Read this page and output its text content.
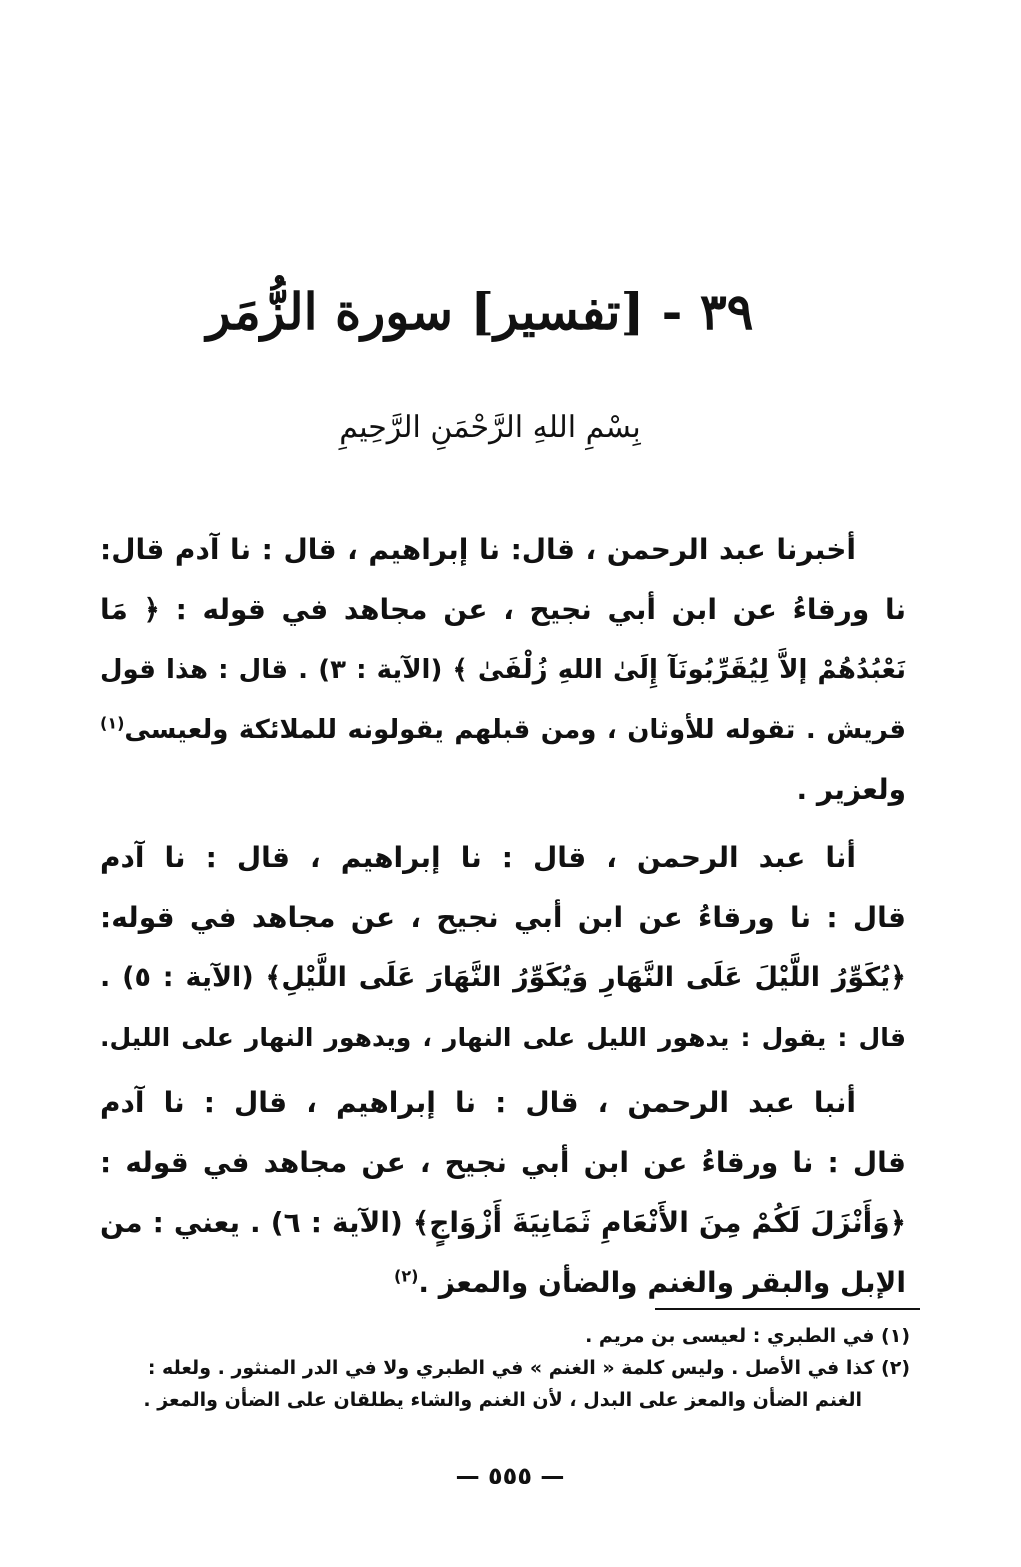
٣٩ - [تفسير] سورة الزُّمَر
بِسْمِ اللهِ الرَّحْمَنِ الرَّحِيمِ
أخبرنا عبد الرحمن ، قال: نا إبراهيم ، قال : نا آدم قال:
نا ورقاءُ عن ابن أبي نجيح ، عن مجاهد في قوله : ﴿ مَا
نَعْبُدُهُمْ إلاَّ لِيُقَرِّبُونَآ إِلَىٰ اللهِ زُلْفَىٰ ﴾ (الآية : ٣) . قال : هذا قول
قريش . تقوله للأوثان ، ومن قبلهم يقولونه للملائكة ولعيسى$^{(١)}$
ولعزير .
أنا عبد الرحمن ، قال : نا إبراهيم ، قال : نا آدم
قال : نا ورقاءُ عن ابن أبي نجيح ، عن مجاهد في قوله:
﴿يُكَوِّرُ اللَّيْلَ عَلَى النَّهَارِ وَيُكَوِّرُ النَّهَارَ عَلَى اللَّيْلِ﴾ (الآية : ٥) .
قال : يقول : يدهور الليل على النهار ، ويدهور النهار على الليل.
أنبا عبد الرحمن ، قال : نا إبراهيم ، قال : نا آدم
قال : نا ورقاءُ عن ابن أبي نجيح ، عن مجاهد في قوله :
﴿وَأَنْزَلَ لَكُمْ مِنَ الأَنْعَامِ ثَمَانِيَةَ أَزْوَاجٍ﴾ (الآية : ٦) . يعني : من
الإبل والبقر والغنم والضأن والمعز .$^{(٢)}$
(١) في الطبري : لعيسى بن مريم .
(٢) كذا في الأصل . وليس كلمة « الغنم » في الطبري ولا في الدر المنثور . ولعله :
الغنم الضأن والمعز على البدل ، لأن الغنم والشاء يطلقان على الضأن والمعز .
— ٥٥٥ —
